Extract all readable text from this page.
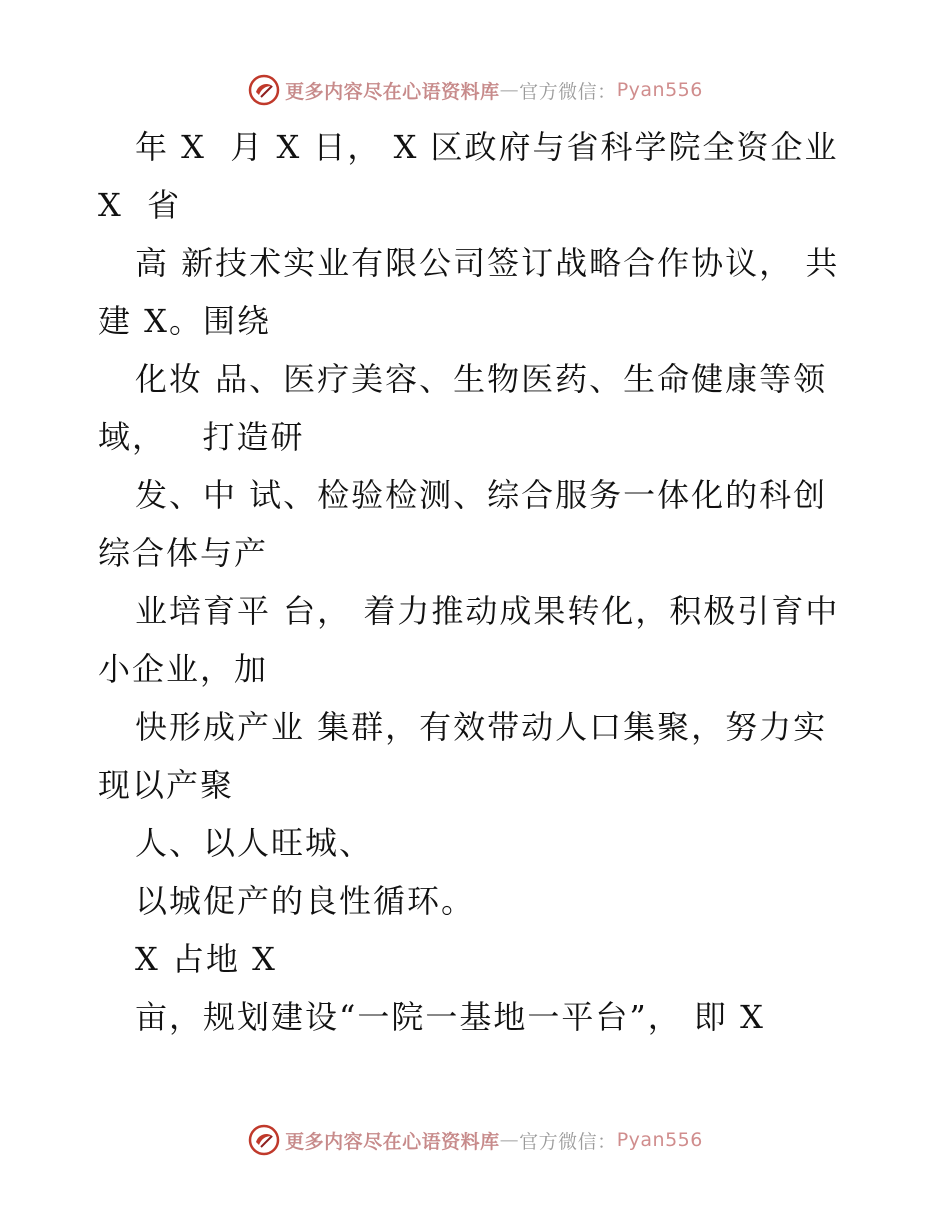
更多内容尽在心语资料库 — 官方微信： Pyan556
年 X  月 X 日， X 区政府与省科学院全资企业
X  省
高 新技术实业有限公司签订战略合作协议， 共
建 X。围绕
化妆 品、医疗美容、生物医药、生命健康等领
域，   打造研
发、中 试、检验检测、综合服务一体化的科创
综合体与产
业培育平 台， 着力推动成果转化，积极引育中
小企业，加
快形成产业 集群，有效带动人口集聚，努力实
现以产聚
人、以人旺城、
以城促产的良性循环。
X 占地 X
亩，规划建设“一院一基地一平台”， 即 X
更多内容尽在心语资料库 — 官方微信： Pyan556
